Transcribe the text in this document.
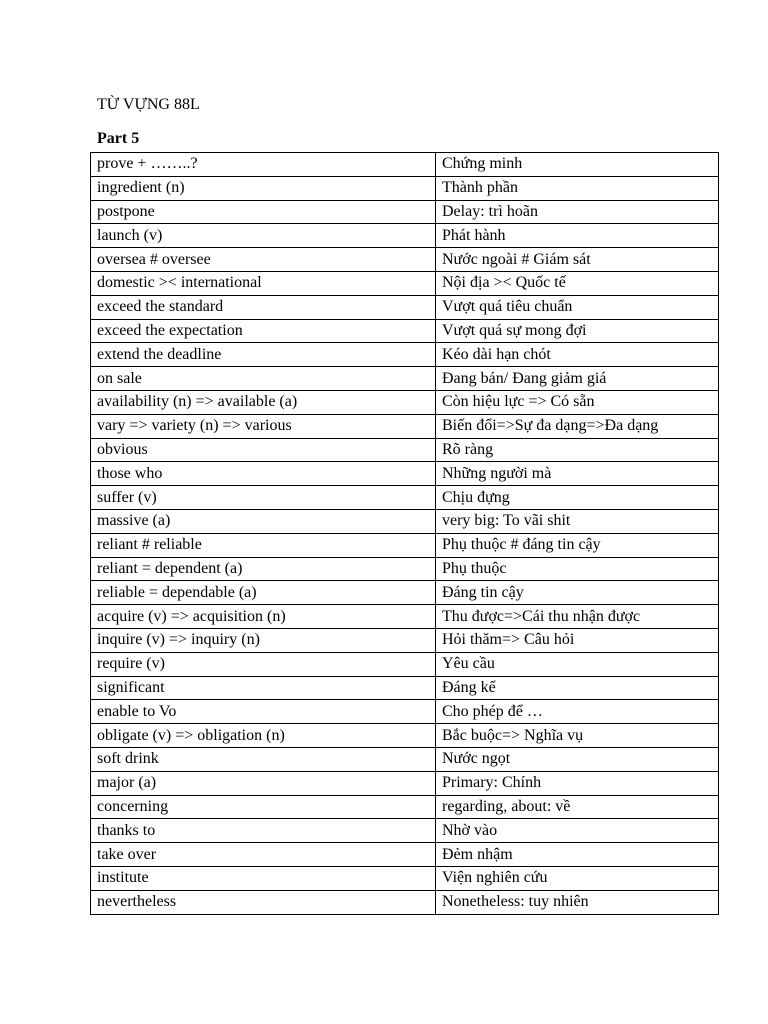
TỪ VỰNG 88L
Part 5
prove + ……..?	Chứng minh
ingredient (n)	Thành phần
postpone	Delay: trì hoãn
launch (v)	Phát hành
oversea # oversee	Nước ngoài # Giám sát
domestic >< international	Nội địa >< Quốc tế
exceed the standard	Vượt quá tiêu chuẩn
exceed the expectation	Vượt quá sự mong đợi
extend the deadline	Kéo dài hạn chót
on sale	Đang bán/ Đang giảm giá
availability (n) => available (a)	Còn hiệu lực => Có sẵn
vary => variety (n) => various	Biến đổi=>Sự đa dạng=>Đa dạng
obvious	Rõ ràng
those who	Những người mà
suffer (v)	Chịu đựng
massive (a)	very big: To vãi shit
reliant # reliable	Phụ thuộc # đáng tin cậy
reliant = dependent (a)	Phụ thuộc
reliable = dependable (a)	Đáng tin cậy
acquire (v) => acquisition (n)	Thu được=>Cái thu nhận được
inquire (v) => inquiry (n)	Hỏi thăm=> Câu hỏi
require (v)	Yêu cầu
significant	Đáng kể
enable to Vo	Cho phép để …
obligate (v) => obligation (n)	Bắc buộc=> Nghĩa vụ
soft drink	Nước ngọt
major (a)	Primary: Chính
concerning	regarding, about: về
thanks to	Nhờ vào
take over	Đẻm nhậm
institute	Viện nghiên cứu
nevertheless	Nonetheless: tuy nhiên
